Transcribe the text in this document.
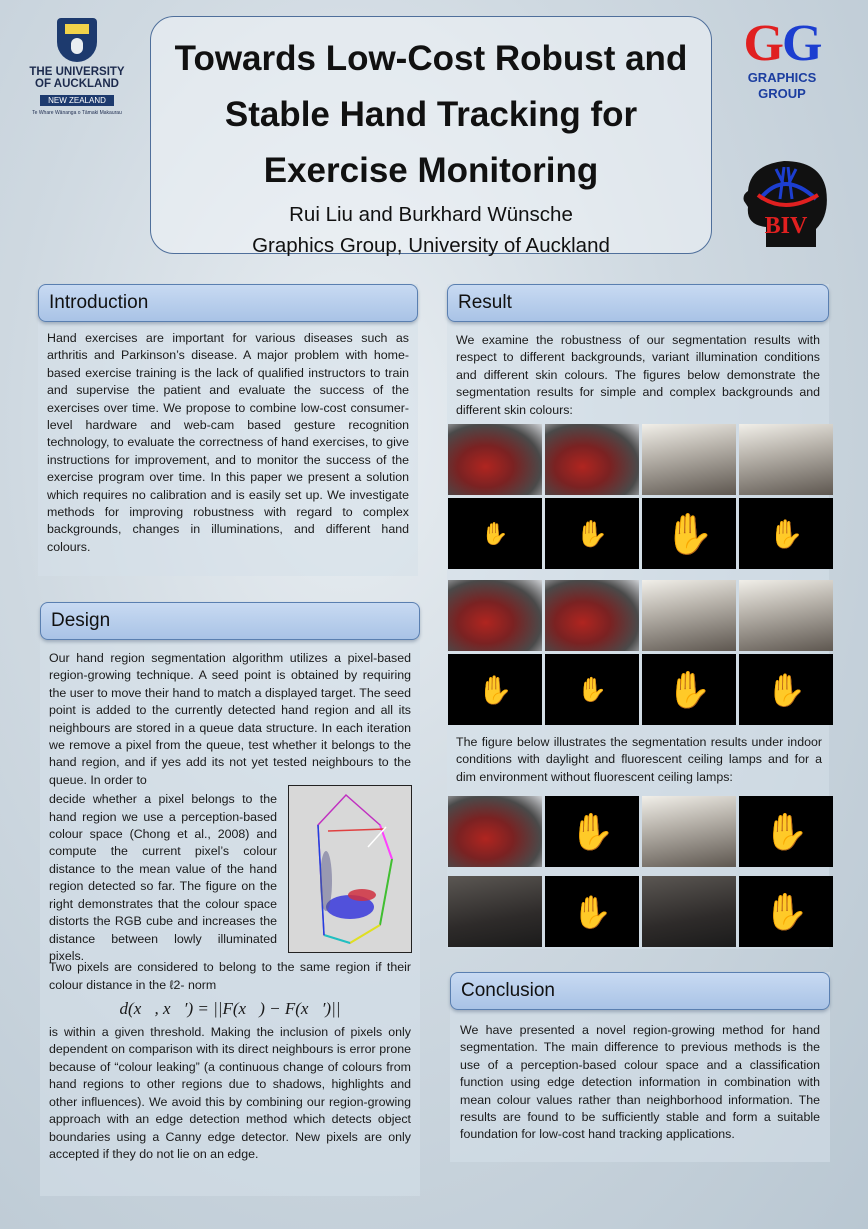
THE UNIVERSITY
OF AUCKLAND
NEW ZEALAND
Te Whare Wānanga o Tāmaki Makaurau
Towards Low-Cost Robust and Stable Hand Tracking for Exercise Monitoring
Rui Liu and Burkhard Wünsche
Graphics Group, University of Auckland
GG
GRAPHICS
GROUP
BIV
Introduction
Hand exercises are important for various diseases such as arthritis and Parkinson’s disease. A major problem with home-based exercise training is the lack of qualified instructors to train and supervise the patient and evaluate the success of the exercises over time. We propose to combine low-cost consumer-level hardware and web-cam based gesture recognition technology, to evaluate the correctness of hand exercises, to give instructions for improvement, and to monitor the success of the exercise program over time. In this paper we present a solution which requires no calibration and is easily set up. We investigate methods for improving robustness with regard to complex backgrounds, changes in illuminations, and different hand colours.
Design
Our hand region segmentation algorithm utilizes a pixel-based region-growing technique. A seed point is obtained by requiring the user to move their hand to match a displayed target. The seed point is added to the currently detected hand region and all its neighbours are stored in a queue data structure. In each iteration we remove a pixel from the queue, test whether it belongs to the hand region, and if yes add its not yet tested neighbours to the queue. In order to
decide whether a pixel belongs to the hand region we use a perception-based colour space (Chong et al., 2008) and compute the current pixel’s colour distance to the mean value of the hand region detected so far. The figure on the right demonstrates that the colour space distorts the RGB cube and increases the distance between lowly illuminated pixels.
Two pixels are considered to belong to the same region if their colour distance in the ℓ2- norm
d(x⃗, x⃗′) = ||F(x⃗) − F(x⃗′)||
is within a given threshold. Making the inclusion of pixels only dependent on comparison with its direct neighbours is error prone because of “colour leaking” (a continuous change of colours from hand regions to other regions due to shadows, highlights and other influences). We avoid this by combining our region-growing approach with an edge detection method which detects object boundaries using a Canny edge detector. New pixels are only accepted if they do not lie on an edge.
Result
We examine the robustness of our segmentation results with respect to different backgrounds, variant illumination conditions and different skin colours. The figures below demonstrate the segmentation results for simple and complex backgrounds and different skin colours:
✋	✋ ✋ ✋
✋	✋ ✋ ✋
The figure below illustrates the segmentation results under indoor conditions with daylight and fluorescent ceiling lamps and for a dim environment without fluorescent ceiling lamps:
✋	✋
✋	✋
Conclusion
We have presented a novel region-growing method for hand segmentation. The main difference to previous methods is the use of a perception-based colour space and a classification function using edge detection information in combination with mean colour values rather than neighborhood information. The results are found to be sufficiently stable and form a suitable foundation for low-cost hand tracking applications.
